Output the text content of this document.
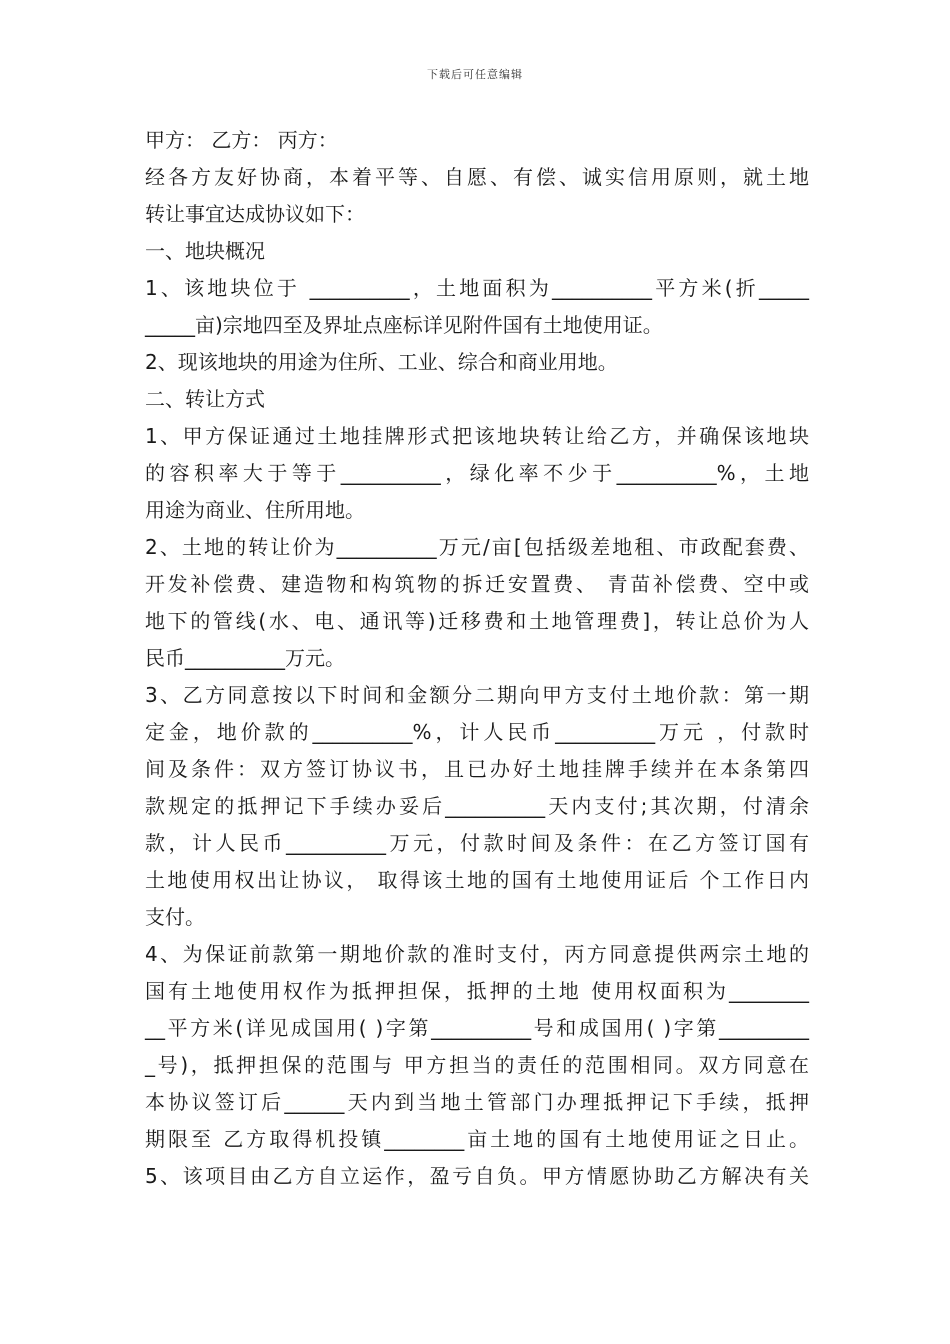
下载后可任意编辑
甲方： 乙方： 丙方：
经各方友好协商，本着平等、自愿、有偿、诚实信用原则，就土地
转让事宜达成协议如下：
一、地块概况
1、该地块位于 __________，土地面积为__________平方米(折_____
_____亩)宗地四至及界址点座标详见附件国有土地使用证。
2、现该地块的用途为住所、工业、综合和商业用地。
二、转让方式
1、甲方保证通过土地挂牌形式把该地块转让给乙方，并确保该地块
的容积率大于等于__________，绿化率不少于__________%，土地
用途为商业、住所用地。
2、土地的转让价为__________万元/亩[包括级差地租、市政配套费、
开发补偿费、建造物和构筑物的拆迁安置费、 青苗补偿费、空中或
地下的管线(水、电、通讯等)迁移费和土地管理费]，转让总价为人
民币__________万元。
3、乙方同意按以下时间和金额分二期向甲方支付土地价款：第一期
定金，地价款的__________%，计人民币__________万元 ，付款时
间及条件：双方签订协议书，且已办好土地挂牌手续并在本条第四
款规定的抵押记下手续办妥后__________天内支付;其次期，付清余
款，计人民币__________万元，付款时间及条件：在乙方签订国有
土地使用权出让协议， 取得该土地的国有土地使用证后 个工作日内
支付。
4、为保证前款第一期地价款的准时支付，丙方同意提供两宗土地的
国有土地使用权作为抵押担保，抵押的土地 使用权面积为________
__平方米(详见成国用( )字第__________号和成国用( )字第_________
_号)，抵押担保的范围与 甲方担当的责任的范围相同。双方同意在
本协议签订后______天内到当地土管部门办理抵押记下手续，抵押
期限至 乙方取得机投镇________亩土地的国有土地使用证之日止。
5、该项目由乙方自立运作，盈亏自负。甲方情愿协助乙方解决有关
